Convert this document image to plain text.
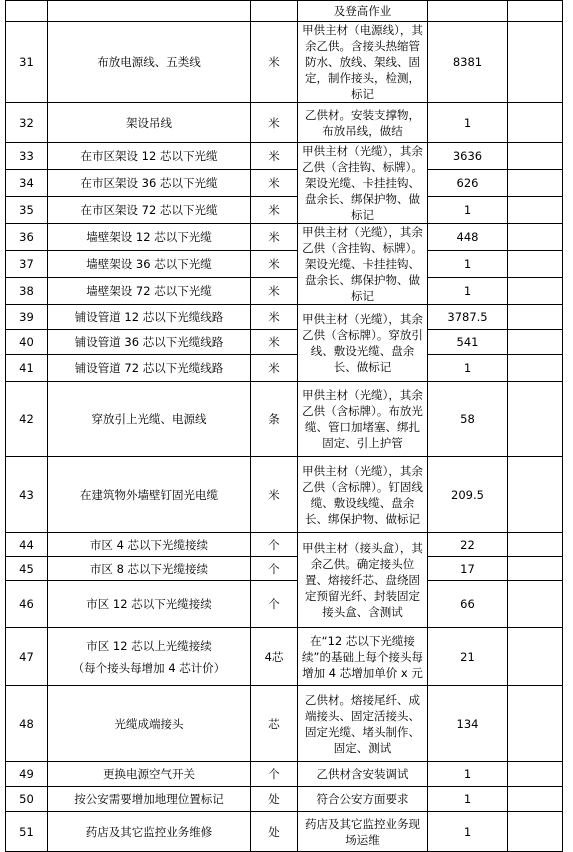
			及登高作业		
31	布放电源线、五类线	米	甲供主材（电源线），其余乙供。含接头热缩管防水、放线、架线、固定，制作接头，检测，标记	8381	
32	架设吊线	米	乙供材。安装支撑物，布放吊线，做结	1	
33	在市区架设 12 芯以下光缆	米	甲供主材（光缆），其余乙供（含挂钩、标牌）。架设光缆、卡挂挂钩、盘余长、绑保护物、做标记	3636	
34	在市区架设 36 芯以下光缆	米		626	
35	在市区架设 72 芯以下光缆	米		1	
36	墙壁架设 12 芯以下光缆	米	甲供主材（光缆），其余乙供（含挂钩、标牌）。架设光缆、卡挂挂钩、盘余长、绑保护物、做标记	448	
37	墙壁架设 36 芯以下光缆	米		1	
38	墙壁架设 72 芯以下光缆	米		1	
39	铺设管道 12 芯以下光缆线路	米	甲供主材（光缆），其余乙供（含标牌）。穿放引线、敷设光缆、盘余长、做标记	3787.5	
40	铺设管道 36 芯以下光缆线路	米		541	
41	铺设管道 72 芯以下光缆线路	米		1	
42	穿放引上光缆、电源线	条	甲供主材（光缆），其余乙供（含标牌）。布放光缆、管口加堵塞、绑扎固定、引上护管	58	
43	在建筑物外墙壁钉固光电缆	米	甲供主材（光缆），其余乙供（含标牌）。钉固线缆、敷设线缆、盘余长、绑保护物、做标记	209.5	
44	市区 4 芯以下光缆接续	个	甲供主材（接头盒），其余乙供。确定接头位置、熔接纤芯、盘绕固定预留光纤、封装固定接头盒、含测试	22	
45	市区 8 芯以下光缆接续	个		17	
46	市区 12 芯以下光缆接续	个		66	
47	市区 12 芯以上光缆接续
（每个接头每增加 4 芯计价）	4芯	在“12 芯以下光缆接续”的基础上每个接头每增加 4 芯增加单价 x 元	21	
48	光缆成端接头	芯	乙供材。熔接尾纤、成端接头、固定活接头、固定光缆、堵头制作、固定、测试	134	
49	更换电源空气开关	个	乙供材含安装调试	1	
50	按公安需要增加地理位置标记	处	符合公安方面要求	1	
51	药店及其它监控业务维修	处	药店及其它监控业务现场运维	1	
